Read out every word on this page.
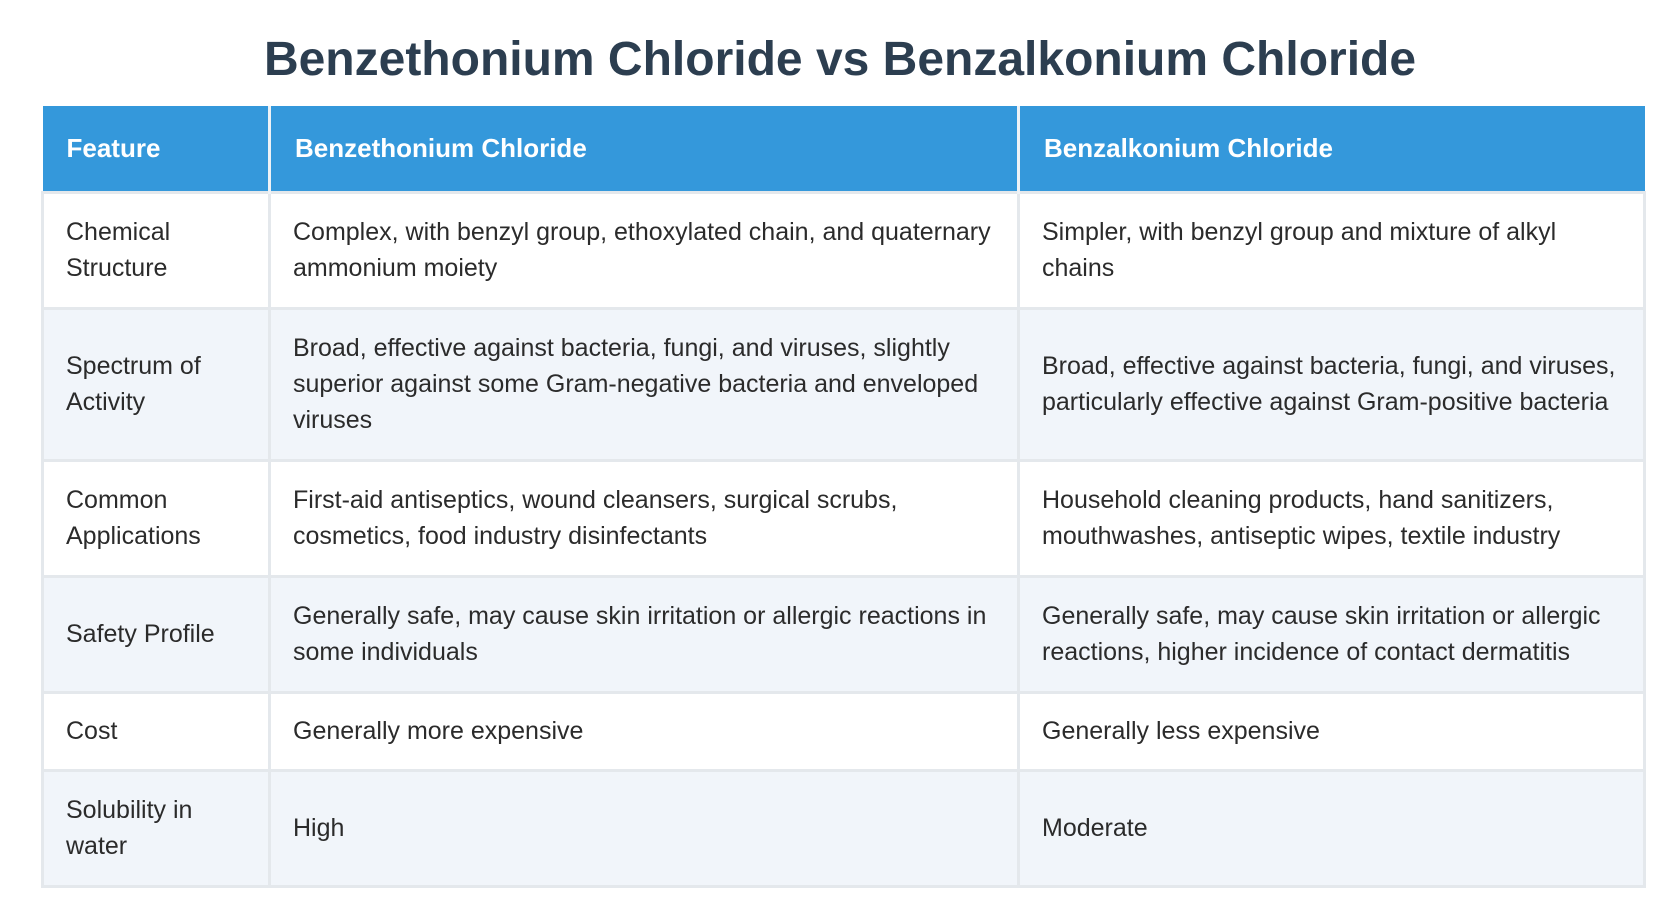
Benzethonium Chloride vs Benzalkonium Chloride
Feature	Benzethonium Chloride	Benzalkonium Chloride
Chemical Structure	Complex, with benzyl group, ethoxylated chain, and quaternary ammonium moiety	Simpler, with benzyl group and mixture of alkyl chains
Spectrum of Activity	Broad, effective against bacteria, fungi, and viruses, slightly superior against some Gram-negative bacteria and enveloped viruses	Broad, effective against bacteria, fungi, and viruses, particularly effective against Gram-positive bacteria
Common Applications	First-aid antiseptics, wound cleansers, surgical scrubs, cosmetics, food industry disinfectants	Household cleaning products, hand sanitizers, mouthwashes, antiseptic wipes, textile industry
Safety Profile	Generally safe, may cause skin irritation or allergic reactions in some individuals	Generally safe, may cause skin irritation or allergic reactions, higher incidence of contact dermatitis
Cost	Generally more expensive	Generally less expensive
Solubility in water	High	Moderate
